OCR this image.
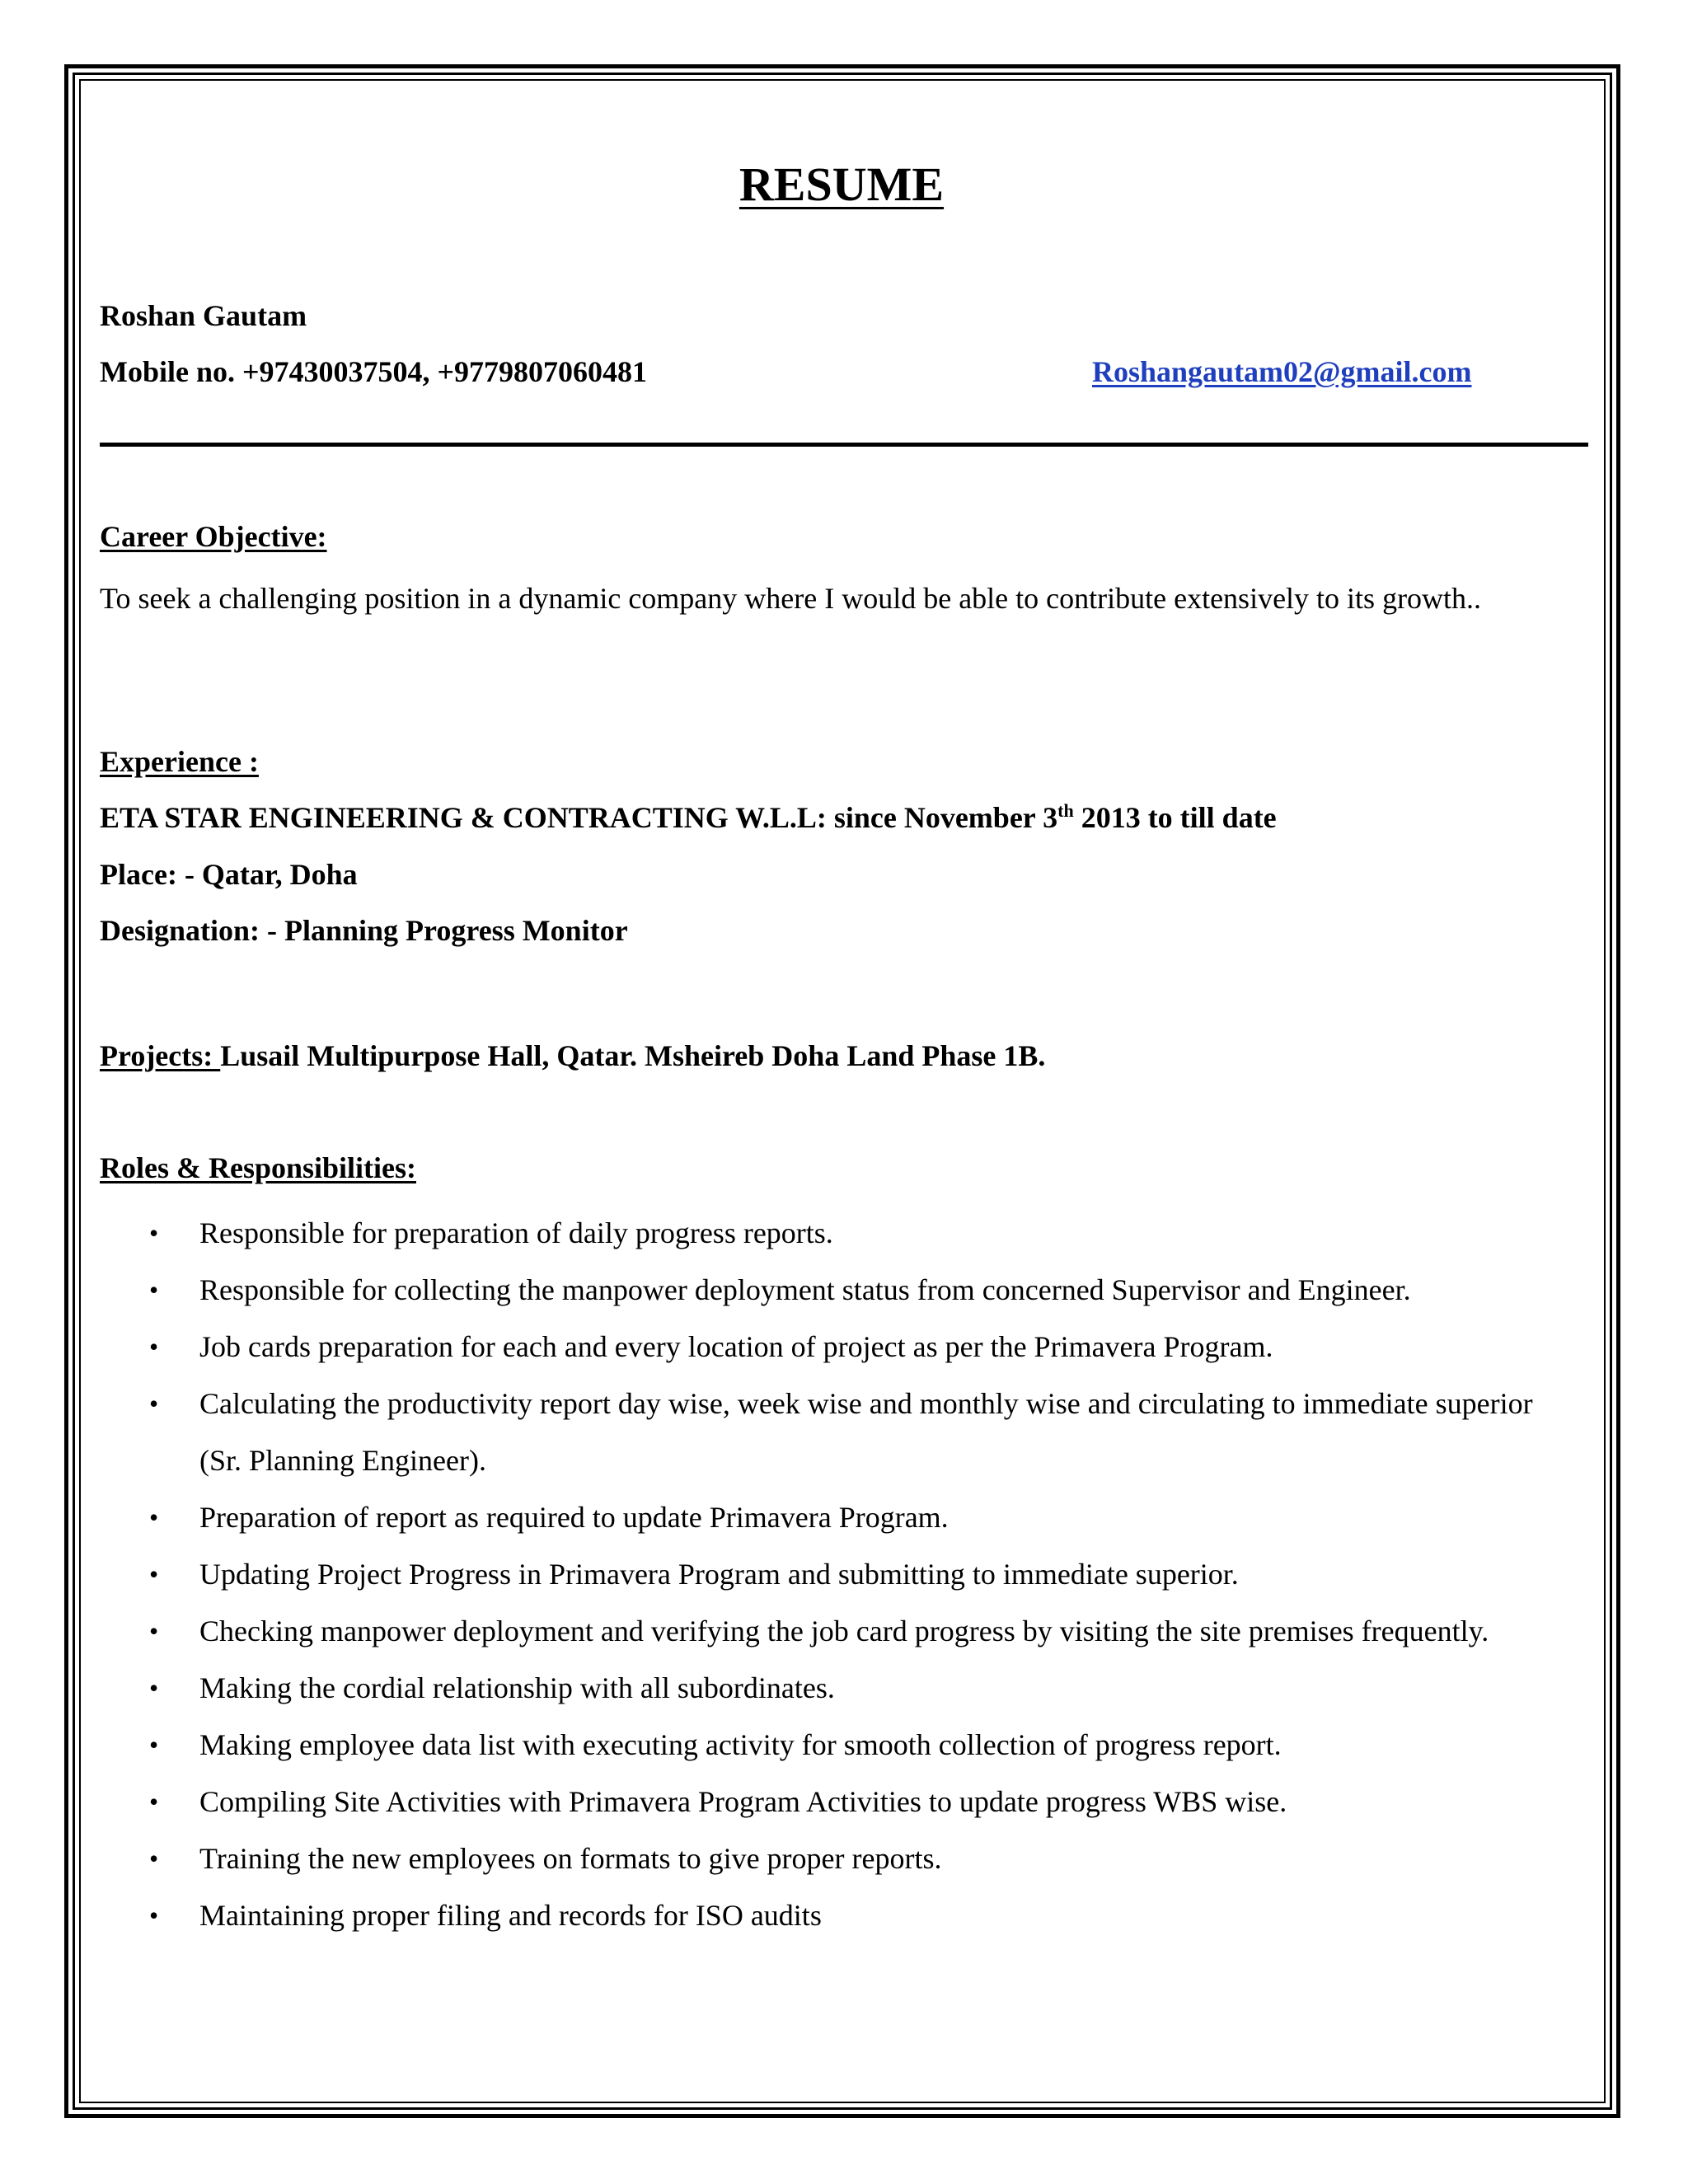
RESUME

Roshan Gautam

Mobile no. +97430037504, +9779807060481	Roshangautam02@gmail.com

Career Objective:

To seek a challenging position in a dynamic company where I would be able to contribute extensively to its growth..

Experience :

ETA STAR ENGINEERING & CONTRACTING W.L.L: since November 3th 2013 to till date

Place: - Qatar, Doha

Designation: - Planning Progress Monitor

Projects: Lusail Multipurpose Hall, Qatar. Msheireb Doha Land Phase 1B.

Roles & Responsibilities:

• Responsible for preparation of daily progress reports.
• Responsible for collecting the manpower deployment status from concerned Supervisor and Engineer.
• Job cards preparation for each and every location of project as per the Primavera Program.
• Calculating the productivity report day wise, week wise and monthly wise and circulating to immediate superior (Sr. Planning Engineer).
• Preparation of report as required to update Primavera Program.
• Updating Project Progress in Primavera Program and submitting to immediate superior.
• Checking manpower deployment and verifying the job card progress by visiting the site premises frequently.
• Making the cordial relationship with all subordinates.
• Making employee data list with executing activity for smooth collection of progress report.
• Compiling Site Activities with Primavera Program Activities to update progress WBS wise.
• Training the new employees on formats to give proper reports.
• Maintaining proper filing and records for ISO audits
